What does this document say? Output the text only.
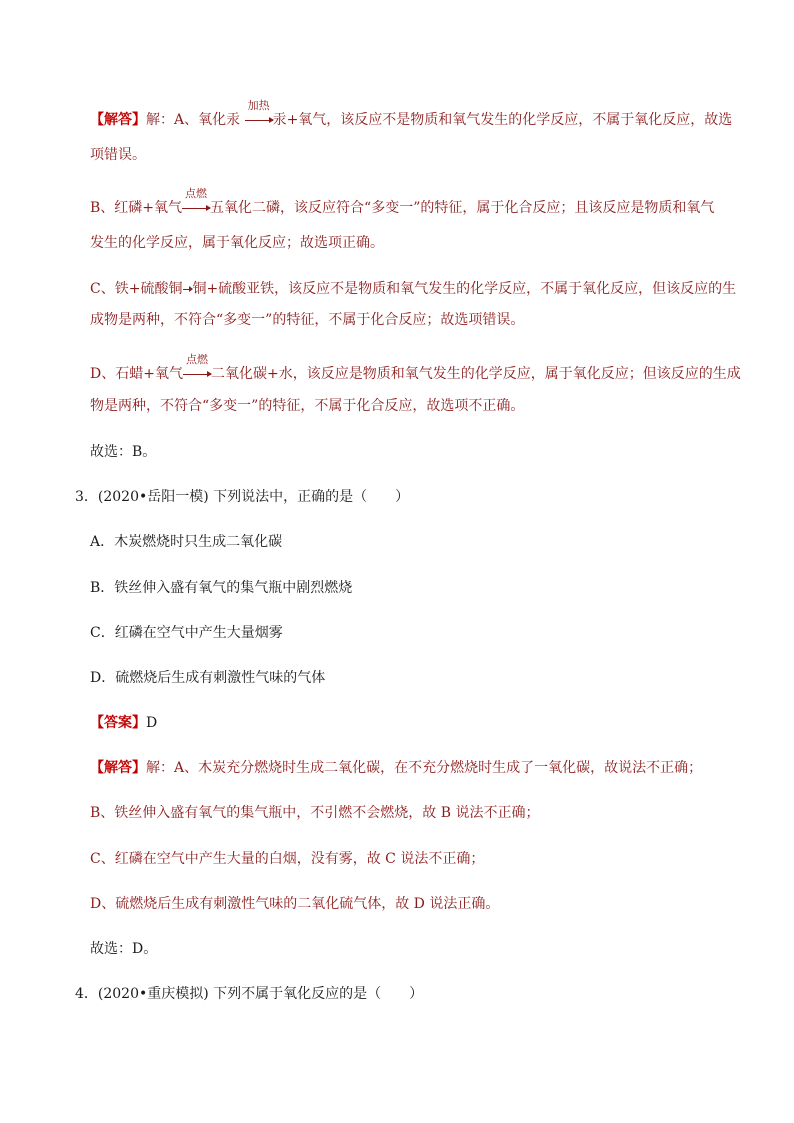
【解答】解：A、氧化汞
加热
汞+氧气，该反应不是物质和氧气发生的化学反应，不属于氧化反应，故选
项错误。
B、红磷+氧气
点燃
五氧化二磷，该反应符合“多变一”的特征，属于化合反应；且该反应是物质和氧气
发生的化学反应，属于氧化反应；故选项正确。
C、铁+硫酸铜 铜+硫酸亚铁，该反应不是物质和氧气发生的化学反应，不属于氧化反应，但该反应的生
成物是两种，不符合“多变一”的特征，不属于化合反应；故选项错误。
D、石蜡+氧气
点燃
二氧化碳+水，该反应是物质和氧气发生的化学反应，属于氧化反应；但该反应的生成
物是两种，不符合“多变一”的特征，不属于化合反应，故选项不正确。
故选：B。
3．(2020•岳阳一模) 下列说法中，正确的是（　　）
A．木炭燃烧时只生成二氧化碳
B．铁丝伸入盛有氧气的集气瓶中剧烈燃烧
C．红磷在空气中产生大量烟雾
D．硫燃烧后生成有刺激性气味的气体
【答案】D
【解答】解：A、木炭充分燃烧时生成二氧化碳，在不充分燃烧时生成了一氧化碳，故说法不正确；
B、铁丝伸入盛有氧气的集气瓶中，不引燃不会燃烧，故 B 说法不正确；
C、红磷在空气中产生大量的白烟，没有雾，故 C 说法不正确；
D、硫燃烧后生成有刺激性气味的二氧化硫气体，故 D 说法正确。
故选：D。
4．(2020•重庆模拟) 下列不属于氧化反应的是（　　）
